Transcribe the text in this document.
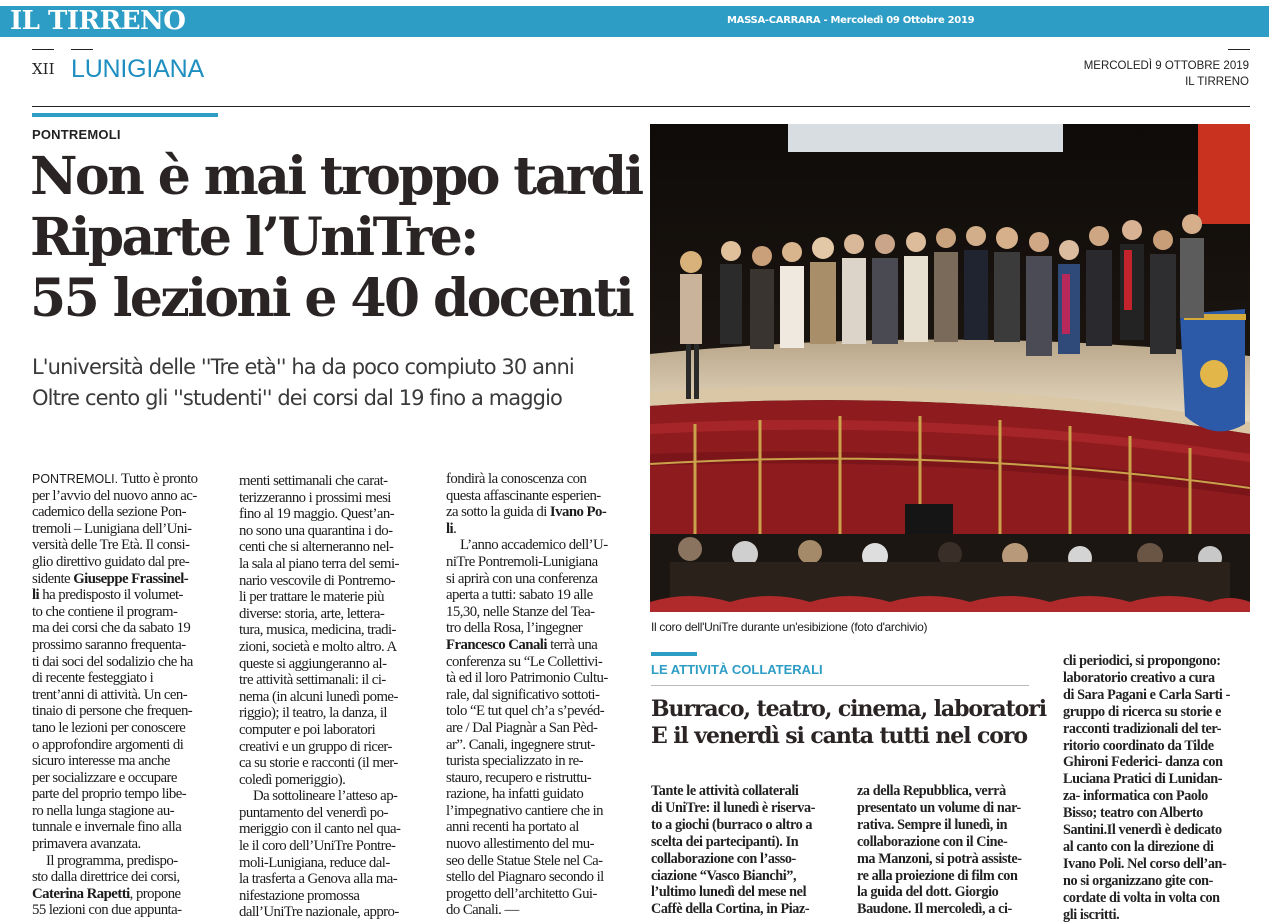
IL TIRRENO	MASSA-CARRARA - Mercoledì 09 Ottobre 2019
XII LUNIGIANA	MERCOLEDÌ 9 OTTOBRE 2019
IL TIRRENO
PONTREMOLI
Non è mai troppo tardi
Riparte l’UniTre:
55 lezioni e 40 docenti
L'università delle ''Tre età'' ha da poco compiuto 30 anni
Oltre cento gli ''studenti'' dei corsi dal 19 fino a maggio
PONTREMOLI. Tutto è pronto
per l’avvio del nuovo anno ac-
cademico della sezione Pon-
tremoli – Lunigiana dell’Uni-
versità delle Tre Età. Il consi-
glio direttivo guidato dal pre-
sidente Giuseppe Frassinel-
li ha predisposto il volumet-
to che contiene il program-
ma dei corsi che da sabato 19
prossimo saranno frequenta-
ti dai soci del sodalizio che ha
di recente festeggiato i
trent’anni di attività. Un cen-
tinaio di persone che frequen-
tano le lezioni per conoscere
o approfondire argomenti di
sicuro interesse ma anche
per socializzare e occupare
parte del proprio tempo libe-
ro nella lunga stagione au-
tunnale e invernale fino alla
primavera avanzata.
Il programma, predispo-
sto dalla direttrice dei corsi,
Caterina Rapetti, propone
55 lezioni con due appunta-
menti settimanali che carat-
terizzeranno i prossimi mesi
fino al 19 maggio. Quest’an-
no sono una quarantina i do-
centi che si alterneranno nel-
la sala al piano terra del semi-
nario vescovile di Pontremo-
li per trattare le materie più
diverse: storia, arte, lettera-
tura, musica, medicina, tradi-
zioni, società e molto altro. A
queste si aggiungeranno al-
tre attività settimanali: il ci-
nema (in alcuni lunedì pome-
riggio); il teatro, la danza, il
computer e poi laboratori
creativi e un gruppo di ricer-
ca su storie e racconti (il mer-
coledì pomeriggio).
Da sottolineare l’atteso ap-
puntamento del venerdì po-
meriggio con il canto nel qua-
le il coro dell’UniTre Pontre-
moli-Lunigiana, reduce dal-
la trasferta a Genova alla ma-
nifestazione promossa
dall’UniTre nazionale, appro-
fondirà la conoscenza con
questa affascinante esperien-
za sotto la guida di Ivano Po-
li.
L’anno accademico dell’U-
niTre Pontremoli-Lunigiana
si aprirà con una conferenza
aperta a tutti: sabato 19 alle
15,30, nelle Stanze del Tea-
tro della Rosa, l’ingegner
Francesco Canali terrà una
conferenza su “Le Collettivi-
tà ed il loro Patrimonio Cultu-
rale, dal significativo sottoti-
tolo “E tut quel ch’a s’pevéd-
are / Dal Piagnàr a San Pèd-
ar”. Canali, ingegnere strut-
turista specializzato in re-
stauro, recupero e ristruttu-
razione, ha infatti guidato
l’impegnativo cantiere che in
anni recenti ha portato al
nuovo allestimento del mu-
seo delle Statue Stele nel Ca-
stello del Piagnaro secondo il
progetto dell’architetto Gui-
do Canali. —
Il coro dell'UniTre durante un'esibizione (foto d'archivio)
LE ATTIVITÀ COLLATERALI
Burraco, teatro, cinema, laboratori
E il venerdì si canta tutti nel coro
Tante le attività collaterali
di UniTre: il lunedì è riserva-
to a giochi (burraco o altro a
scelta dei partecipanti). In
collaborazione con l’asso-
ciazione “Vasco Bianchi”,
l’ultimo lunedì del mese nel
Caffè della Cortina, in Piaz-
za della Repubblica, verrà
presentato un volume di nar-
rativa. Sempre il lunedì, in
collaborazione con il Cine-
ma Manzoni, si potrà assiste-
re alla proiezione di film con
la guida del dott. Giorgio
Baudone. Il mercoledì, a ci-
cli periodici, si propongono:
laboratorio creativo a cura
di Sara Pagani e Carla Sarti -
gruppo di ricerca su storie e
racconti tradizionali del ter-
ritorio coordinato da Tilde
Ghironi Federici- danza con
Luciana Pratici di Lunidan-
za- informatica con Paolo
Bisso; teatro con Alberto
Santini.Il venerdì è dedicato
al canto con la direzione di
Ivano Poli. Nel corso dell’an-
no si organizzano gite con-
cordate di volta in volta con
gli iscritti.
